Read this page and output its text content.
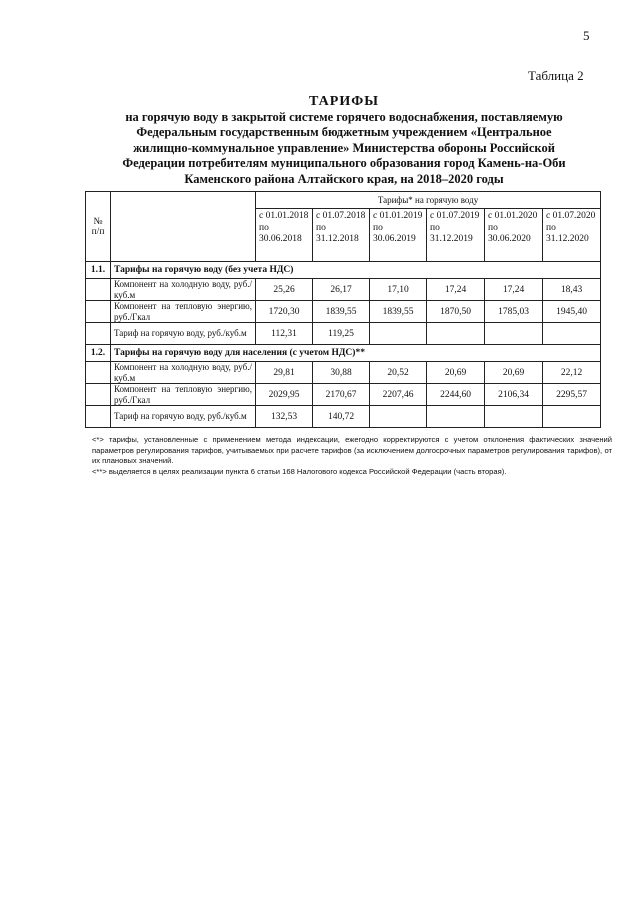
5
Таблица 2
ТАРИФЫ
на горячую воду в закрытой системе горячего водоснабжения, поставляемую
Федеральным государственным бюджетным учреждением «Центральное
жилищно-коммунальное управление» Министерства обороны Российской
Федерации потребителям муниципального образования город Камень-на-Оби
Каменского района Алтайского края, на 2018–2020 годы
№ п/п		Тарифы* на горячую воду					
		с 01.01.2018 по 30.06.2018	с 01.07.2018 по 31.12.2018	с 01.01.2019 по 30.06.2019	с 01.07.2019 по 31.12.2019	с 01.01.2020 по 30.06.2020	с 01.07.2020 по 31.12.2020
1.1.	Тарифы на горячую воду (без учета НДС)						
	Компонент на холодную воду, руб./куб.м	25,26	26,17	17,10	17,24	17,24	18,43
	Компонент на тепловую энергию, руб./Гкал	1720,30	1839,55	1839,55	1870,50	1785,03	1945,40
	Тариф на горячую воду, руб./куб.м	112,31	119,25				
1.2.	Тарифы на горячую воду для населения (с учетом НДС)**						
	Компонент на холодную воду, руб./куб.м	29,81	30,88	20,52	20,69	20,69	22,12
	Компонент на тепловую энергию, руб./Гкал	2029,95	2170,67	2207,46	2244,60	2106,34	2295,57
	Тариф на горячую воду, руб./куб.м	132,53	140,72				

<*> тарифы, установленные с применением метода индексации, ежегодно корректируются с учетом отклонения фактических значений параметров регулирования тарифов, учитываемых при расчете тарифов (за исключением долгосрочных параметров регулирования тарифов), от их плановых значений.

<**> выделяется в целях реализации пункта 6 статьи 168 Налогового кодекса Российской Федерации (часть вторая).
